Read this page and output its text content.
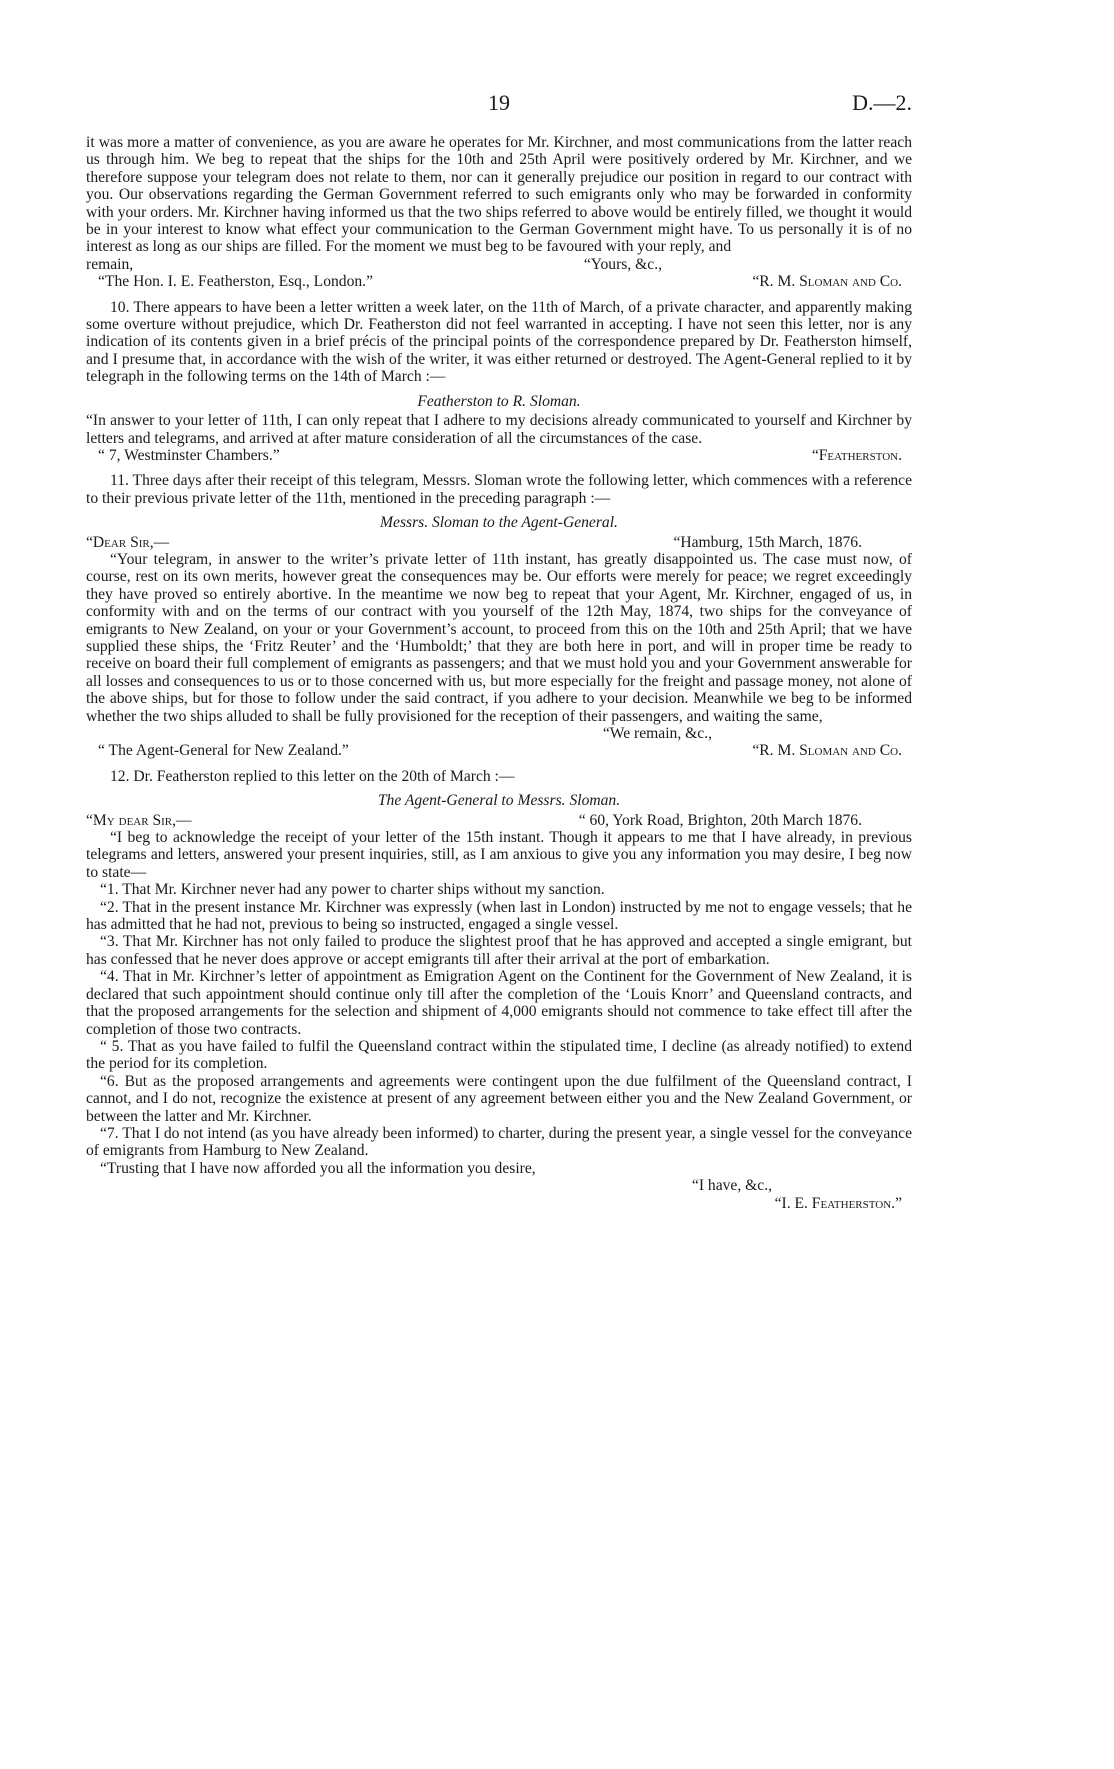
19	D.—2.

it was more a matter of convenience, as you are aware he operates for Mr. Kirchner, and most communications from the latter reach us through him. We beg to repeat that the ships for the 10th and 25th April were positively ordered by Mr. Kirchner, and we therefore suppose your telegram does not relate to them, nor can it generally prejudice our position in regard to our contract with you. Our observations regarding the German Government referred to such emigrants only who may be forwarded in conformity with your orders. Mr. Kirchner having informed us that the two ships referred to above would be entirely filled, we thought it would be in your interest to know what effect your communication to the German Government might have. To us personally it is of no interest as long as our ships are filled. For the moment we must beg to be favoured with your reply, and

remain,	“Yours, &c.,
“The Hon. I. E. Featherston, Esq., London.”	“R. M. Sloman and Co.

10. There appears to have been a letter written a week later, on the 11th of March, of a private character, and apparently making some overture without prejudice, which Dr. Featherston did not feel warranted in accepting. I have not seen this letter, nor is any indication of its contents given in a brief précis of the principal points of the correspondence prepared by Dr. Featherston himself, and I presume that, in accordance with the wish of the writer, it was either returned or destroyed. The Agent-General replied to it by telegraph in the following terms on the 14th of March :—

Featherston to R. Sloman.

“In answer to your letter of 11th, I can only repeat that I adhere to my decisions already communicated to yourself and Kirchner by letters and telegrams, and arrived at after mature consideration of all the circumstances of the case.

“ 7, Westminster Chambers.”	“Featherston.

11. Three days after their receipt of this telegram, Messrs. Sloman wrote the following letter, which commences with a reference to their previous private letter of the 11th, mentioned in the preceding paragraph :—

Messrs. Sloman to the Agent-General.
“Dear Sir,—	“Hamburg, 15th March, 1876.

“Your telegram, in answer to the writer’s private letter of 11th instant, has greatly disappointed us. The case must now, of course, rest on its own merits, however great the consequences may be. Our efforts were merely for peace; we regret exceedingly they have proved so entirely abortive. In the meantime we now beg to repeat that your Agent, Mr. Kirchner, engaged of us, in conformity with and on the terms of our contract with you yourself of the 12th May, 1874, two ships for the conveyance of emigrants to New Zealand, on your or your Government’s account, to proceed from this on the 10th and 25th April; that we have supplied these ships, the ‘Fritz Reuter’ and the ‘Humboldt;’ that they are both here in port, and will in proper time be ready to receive on board their full complement of emigrants as passengers; and that we must hold you and your Government answerable for all losses and consequences to us or to those concerned with us, but more especially for the freight and passage money, not alone of the above ships, but for those to follow under the said contract, if you adhere to your decision. Meanwhile we beg to be informed whether the two ships alluded to shall be fully provisioned for the reception of their passengers, and waiting the same,

“We remain, &c.,
“ The Agent-General for New Zealand.”	“R. M. Sloman and Co.

12. Dr. Featherston replied to this letter on the 20th of March :—

The Agent-General to Messrs. Sloman.
“My dear Sir,—	“ 60, York Road, Brighton, 20th March 1876.

“I beg to acknowledge the receipt of your letter of the 15th instant. Though it appears to me that I have already, in previous telegrams and letters, answered your present inquiries, still, as I am anxious to give you any information you may desire, I beg now to state—

“1. That Mr. Kirchner never had any power to charter ships without my sanction.

“2. That in the present instance Mr. Kirchner was expressly (when last in London) instructed by me not to engage vessels; that he has admitted that he had not, previous to being so instructed, engaged a single vessel.

“3. That Mr. Kirchner has not only failed to produce the slightest proof that he has approved and accepted a single emigrant, but has confessed that he never does approve or accept emigrants till after their arrival at the port of embarkation.

“4. That in Mr. Kirchner’s letter of appointment as Emigration Agent on the Continent for the Government of New Zealand, it is declared that such appointment should continue only till after the completion of the ‘Louis Knorr’ and Queensland contracts, and that the proposed arrangements for the selection and shipment of 4,000 emigrants should not commence to take effect till after the completion of those two contracts.

“ 5. That as you have failed to fulfil the Queensland contract within the stipulated time, I decline (as already notified) to extend the period for its completion.

“6. But as the proposed arrangements and agreements were contingent upon the due fulfilment of the Queensland contract, I cannot, and I do not, recognize the existence at present of any agreement between either you and the New Zealand Government, or between the latter and Mr. Kirchner.

“7. That I do not intend (as you have already been informed) to charter, during the present year, a single vessel for the conveyance of emigrants from Hamburg to New Zealand.

“Trusting that I have now afforded you all the information you desire,

“I have, &c.,
“I. E. Featherston.”
